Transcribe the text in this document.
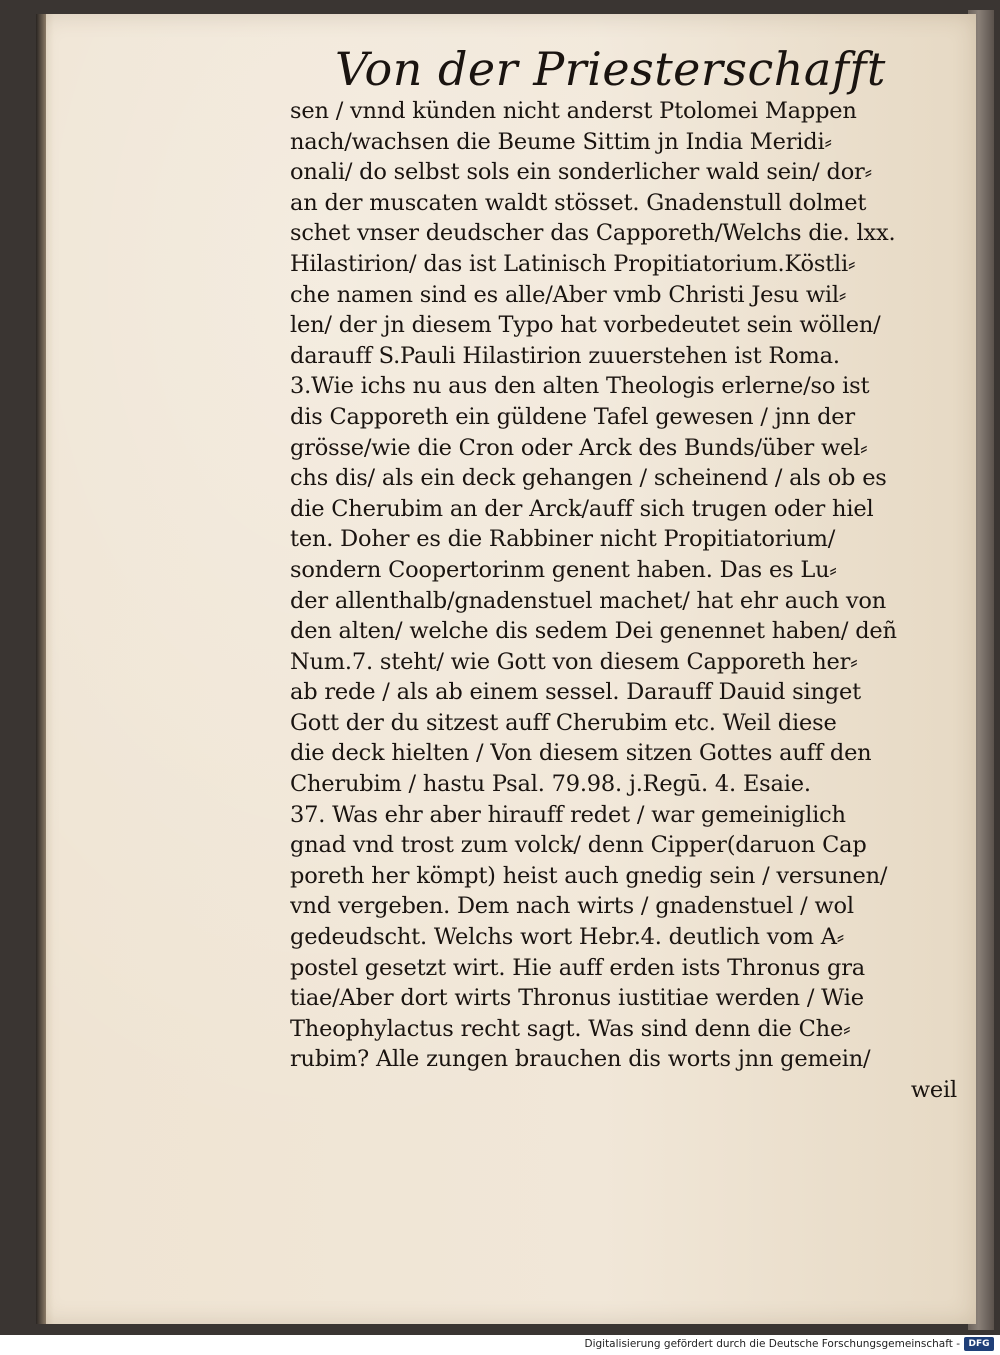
Von der Priesterschafft
sen / vnnd künden nicht anderst Ptolomei Mappen
nach/wachsen die Beume Sittim jn India Meridi⸗
onali/ do selbst sols ein sonderlicher wald sein/ dor⸗
an der muscaten waldt stösset. Gnadenstull dolmet
schet vnser deudscher das Capporeth/Welchs die. lxx.
Hilastirion/ das ist Latinisch Propitiatorium.Köstli⸗
che namen sind es alle/Aber vmb Christi Jesu wil⸗
len/ der jn diesem Typo hat vorbedeutet sein wöllen/
darauff S.Pauli Hilastirion zuuerstehen ist Roma.
3.Wie ichs nu aus den alten Theologis erlerne/so ist
dis Capporeth ein güldene Tafel gewesen / jnn der
grösse/wie die Cron oder Arck des Bunds/über wel⸗
chs dis/ als ein deck gehangen / scheinend / als ob es
die Cherubim an der Arck/auff sich trugen oder hiel
ten. Doher es die Rabbiner nicht Propitiatorium/
sondern Coopertorinm genent haben. Das es Lu⸗
der allenthalb/gnadenstuel machet/ hat ehr auch von
den alten/ welche dis sedem Dei genennet haben/ deñ
Num.7. steht/ wie Gott von diesem Capporeth her⸗
ab rede / als ab einem sessel. Darauff Dauid singet
Gott der du sitzest auff Cherubim etc. Weil diese
die deck hielten / Von diesem sitzen Gottes auff den
Cherubim / hastu Psal. 79.98. j.Regū. 4. Esaie.
37. Was ehr aber hirauff redet / war gemeiniglich
gnad vnd trost zum volck/ denn Cipper(daruon Cap
poreth her kömpt) heist auch gnedig sein / versunen/
vnd vergeben. Dem nach wirts / gnadenstuel / wol
gedeudscht. Welchs wort Hebr.4. deutlich vom A⸗
postel gesetzt wirt. Hie auff erden ists Thronus gra
tiae/Aber dort wirts Thronus iustitiae werden / Wie
Theophylactus recht sagt. Was sind denn die Che⸗
rubim? Alle zungen brauchen dis worts jnn gemein/
weil
Digitalisierung gefördert durch die Deutsche Forschungsgemeinschaft - DFG
